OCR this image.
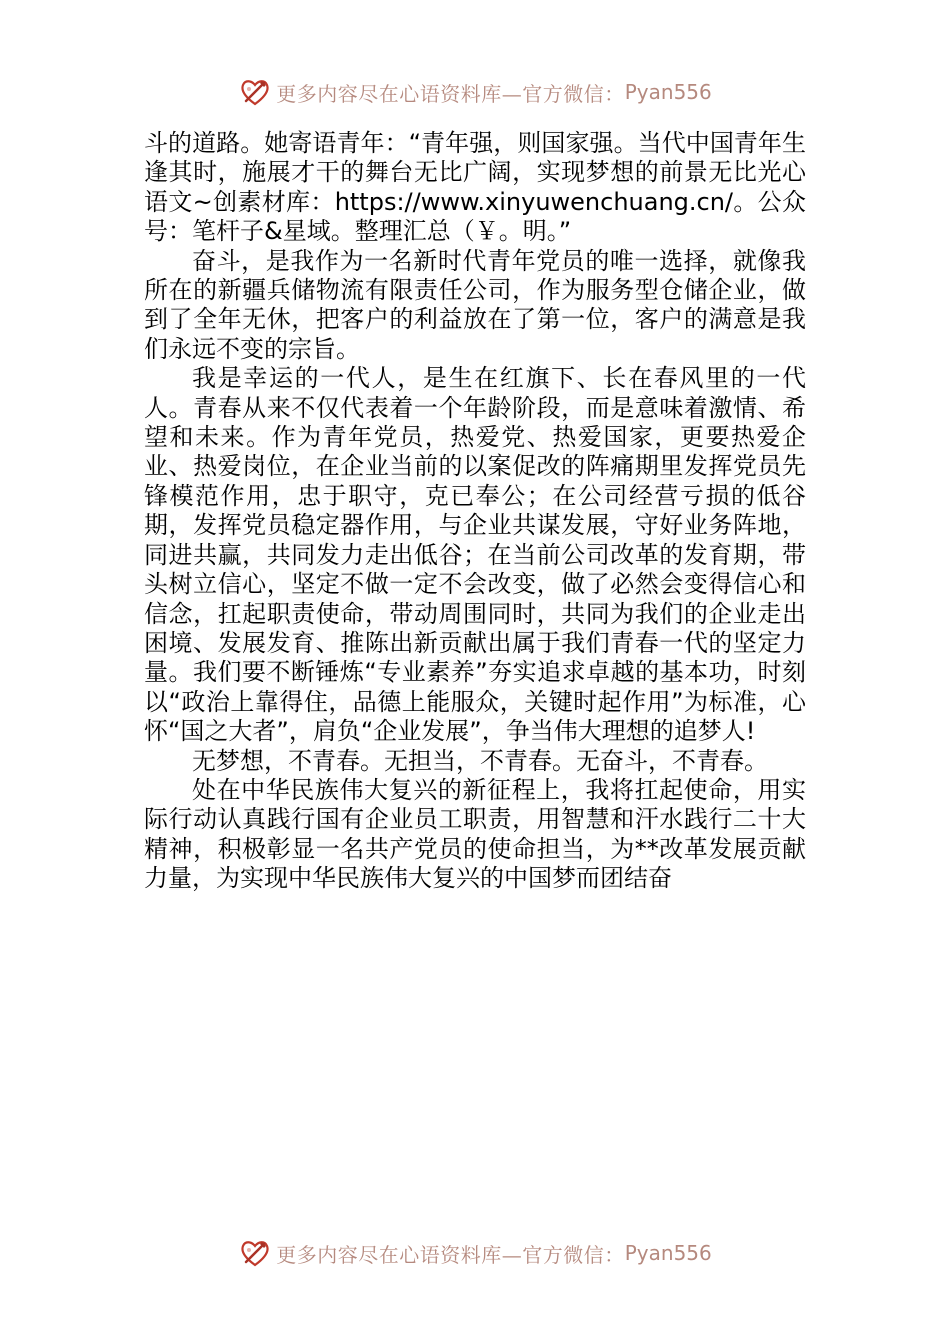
更多内容尽在心语资料库—官方微信： Pyan556

斗的道路。她寄语青年：“青年强，则国家强。当代中国青年生逢其时，施展才干的舞台无比广阔，实现梦想的前景无比光心语文~创素材库：https://www.xinyuwenchuang.cn/。公众号：笔杆子&星域。整理汇总（￥。明。”

奋斗，是我作为一名新时代青年党员的唯一选择，就像我所在的新疆兵储物流有限责任公司，作为服务型仓储企业，做到了全年无休，把客户的利益放在了第一位，客户的满意是我们永远不变的宗旨。

我是幸运的一代人，是生在红旗下、长在春风里的一代人。青春从来不仅代表着一个年龄阶段，而是意味着激情、希望和未来。作为青年党员，热爱党、热爱国家，更要热爱企业、热爱岗位，在企业当前的以案促改的阵痛期里发挥党员先锋模范作用，忠于职守，克已奉公；在公司经营亏损的低谷期，发挥党员稳定器作用，与企业共谋发展，守好业务阵地，同进共赢，共同发力走出低谷；在当前公司改革的发育期，带头树立信心，坚定不做一定不会改变，做了必然会变得信心和信念，扛起职责使命，带动周围同时，共同为我们的企业走出困境、发展发育、推陈出新贡献出属于我们青春一代的坚定力量。我们要不断锤炼“专业素养”夯实追求卓越的基本功，时刻以“政治上靠得住，品德上能服众，关键时起作用”为标准，心怀“国之大者”，肩负“企业发展”，争当伟大理想的追梦人!

无梦想，不青春。无担当，不青春。无奋斗，不青春。

处在中华民族伟大复兴的新征程上，我将扛起使命，用实际行动认真践行国有企业员工职责，用智慧和汗水践行二十大精神，积极彰显一名共产党员的使命担当，为**改革发展贡献力量，为实现中华民族伟大复兴的中国梦而团结奋

更多内容尽在心语资料库—官方微信： Pyan556
